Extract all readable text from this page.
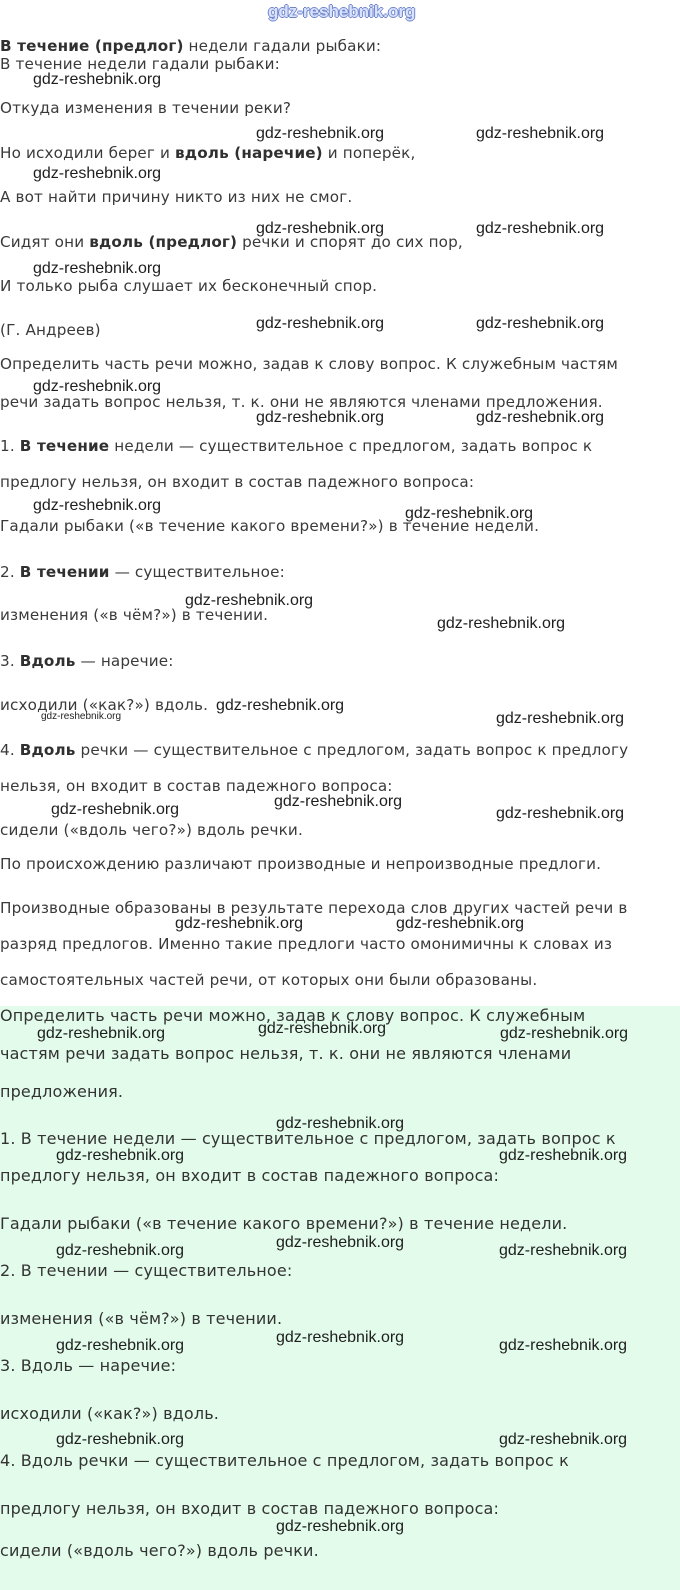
gdz-reshebnik.org
В течение (предлог) недели гадали рыбаки:
В течение недели гадали рыбаки:
Откуда изменения в течении реки?
Но исходили берег и вдоль (наречие) и поперёк,
А вот найти причину никто из них не смог.
Сидят они вдоль (предлог) речки и спорят до сих пор,
И только рыба слушает их бесконечный спор.
(Г. Андреев)
Определить часть речи можно, задав к слову вопрос. К служебным частям
речи задать вопрос нельзя, т. к. они не являются членами предложения.
1. В течение недели — существительное с предлогом, задать вопрос к
предлогу нельзя, он входит в состав падежного вопроса:
Гадали рыбаки («в течение какого времени?») в течение недели.
2. В течении — существительное:
изменения («в чём?») в течении.
3. Вдоль — наречие:
исходили («как?») вдоль.
4. Вдоль речки — существительное с предлогом, задать вопрос к предлогу
нельзя, он входит в состав падежного вопроса:
сидели («вдоль чего?») вдоль речки.
По происхождению различают производные и непроизводные предлоги.
Производные образованы в результате перехода слов других частей речи в
разряд предлогов. Именно такие предлоги часто омонимичны к словах из
самостоятельных частей речи, от которых они были образованы.
Определить часть речи можно, задав к слову вопрос. К служебным
частям речи задать вопрос нельзя, т. к. они не являются членами
предложения.
1. В течение недели — существительное с предлогом, задать вопрос к
предлогу нельзя, он входит в состав падежного вопроса:
Гадали рыбаки («в течение какого времени?») в течение недели.
2. В течении — существительное:
изменения («в чём?») в течении.
3. Вдоль — наречие:
исходили («как?») вдоль.
4. Вдоль речки — существительное с предлогом, задать вопрос к
предлогу нельзя, он входит в состав падежного вопроса:
сидели («вдоль чего?») вдоль речки.
gdz-reshebnik.org
gdz-reshebnik.org	gdz-reshebnik.org
gdz-reshebnik.org
gdz-reshebnik.org	gdz-reshebnik.org
gdz-reshebnik.org
gdz-reshebnik.org	gdz-reshebnik.org
gdz-reshebnik.org
gdz-reshebnik.org	gdz-reshebnik.org
gdz-reshebnik.org	gdz-reshebnik.org
gdz-reshebnik.org
gdz-reshebnik.org
gdz-reshebnik.org
gdz-reshebnik.org	gdz-reshebnik.org
gdz-reshebnik.org
gdz-reshebnik.org	gdz-reshebnik.org
gdz-reshebnik.org	gdz-reshebnik.org
gdz-reshebnik.org
gdz-reshebnik.org	gdz-reshebnik.org
gdz-reshebnik.org
gdz-reshebnik.org	gdz-reshebnik.org
gdz-reshebnik.org
gdz-reshebnik.org	gdz-reshebnik.org
gdz-reshebnik.org
gdz-reshebnik.org	gdz-reshebnik.org
gdz-reshebnik.org	gdz-reshebnik.org
gdz-reshebnik.org
